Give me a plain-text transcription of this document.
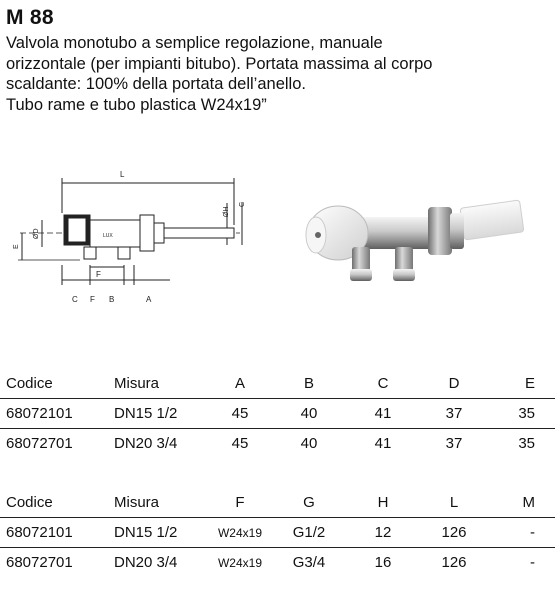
M 88
Valvola monotubo a semplice regolazione, manuale
orizzontale (per impianti bitubo). Portata massima al corpo
scaldante: 100% della portata dell’anello.
Tubo rame e tubo plastica W24x19”
L
ØH
G
ØD
E
C
F
B	A
F
LUX
Codice	Misura	A	B	C	D	E
68072101	DN15 1/2	45	40	41	37	35
68072701	DN20 3/4	45	40	41	37	35
Codice	Misura	F	G	H	L	M
68072101	DN15 1/2	W24x19	G1/2	12	126	-
68072701	DN20 3/4	W24x19	G3/4	16	126	-
